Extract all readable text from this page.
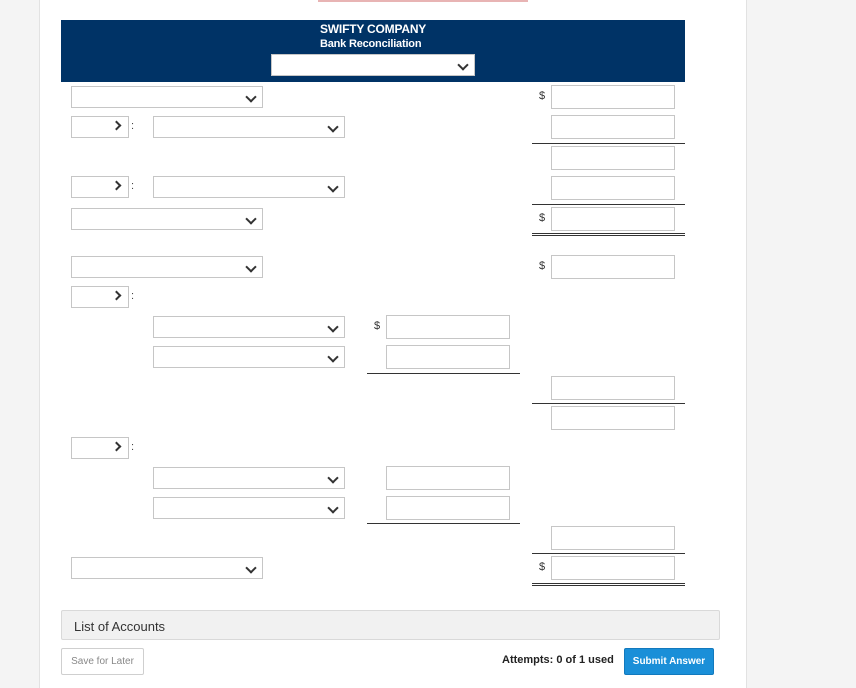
SWIFTY COMPANY
Bank Reconciliation
$
:
:
$
$
:
$
:
$
List of Accounts
Save for Later	Attempts: 0 of 1 used	Submit Answer
